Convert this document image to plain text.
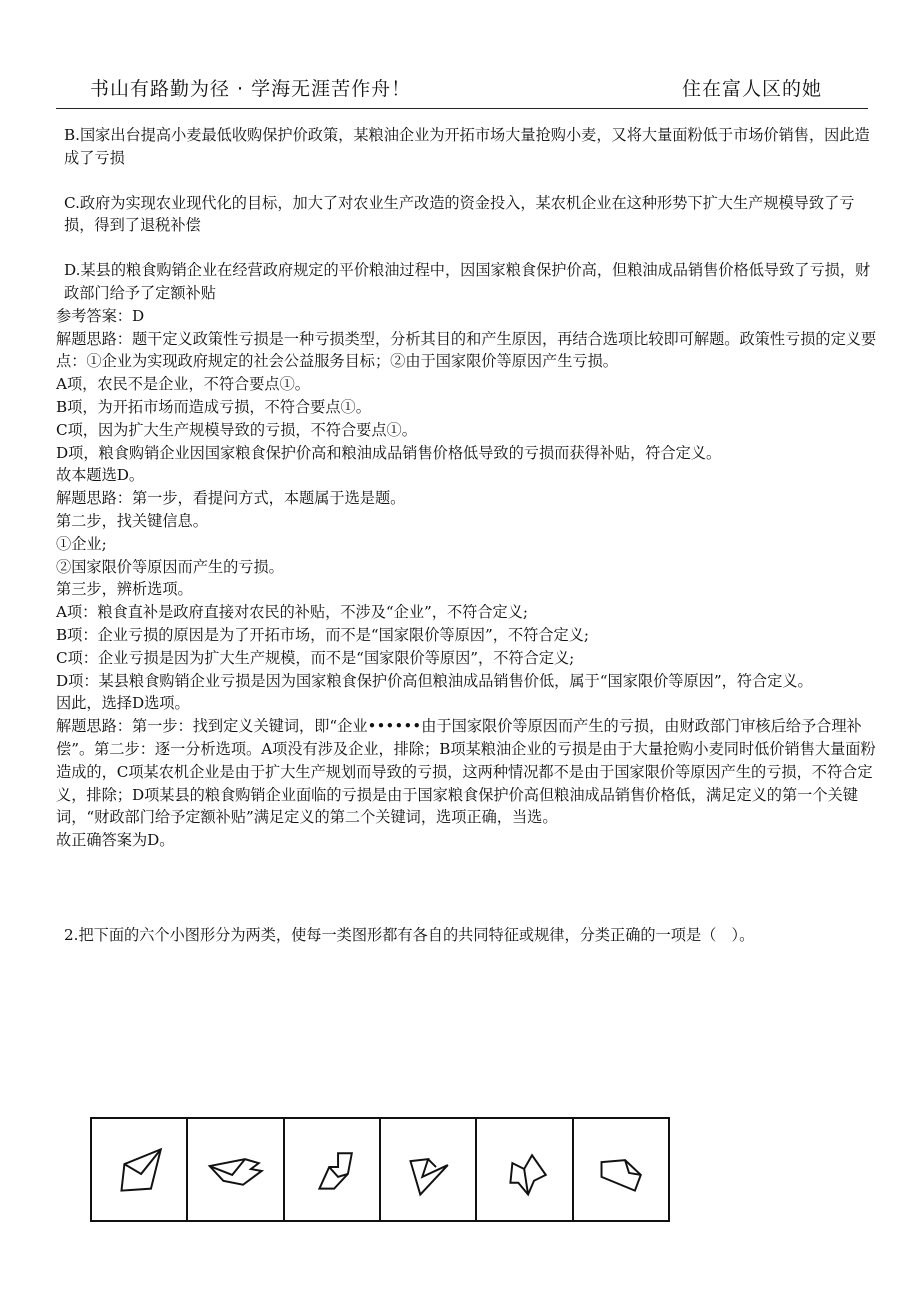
书山有路勤为径 · 学海无涯苦作舟！	住在富人区的她

B.国家出台提高小麦最低收购保护价政策，某粮油企业为开拓市场大量抢购小麦，又将大量面粉低于市场价销售，因此造成了亏损

C.政府为实现农业现代化的目标，加大了对农业生产改造的资金投入，某农机企业在这种形势下扩大生产规模导致了亏损，得到了退税补偿

D.某县的粮食购销企业在经营政府规定的平价粮油过程中，因国家粮食保护价高，但粮油成品销售价格低导致了亏损，财政部门给予了定额补贴

参考答案：D

解题思路：题干定义政策性亏损是一种亏损类型，分析其目的和产生原因，再结合选项比较即可解题。政策性亏损的定义要点：①企业为实现政府规定的社会公益服务目标；②由于国家限价等原因产生亏损。

A项，农民不是企业，不符合要点①。

B项，为开拓市场而造成亏损，不符合要点①。

C项，因为扩大生产规模导致的亏损，不符合要点①。

D项，粮食购销企业因国家粮食保护价高和粮油成品销售价格低导致的亏损而获得补贴，符合定义。

故本题选D。

解题思路：第一步，看提问方式，本题属于选是题。

第二步，找关键信息。

①企业;

②国家限价等原因而产生的亏损。

第三步，辨析选项。

A项：粮食直补是政府直接对农民的补贴，不涉及“企业”，不符合定义;

B项：企业亏损的原因是为了开拓市场，而不是“国家限价等原因”，不符合定义;

C项：企业亏损是因为扩大生产规模，而不是“国家限价等原因”，不符合定义;

D项：某县粮食购销企业亏损是因为国家粮食保护价高但粮油成品销售价低，属于“国家限价等原因”，符合定义。

因此，选择D选项。

解题思路：第一步：找到定义关键词，即“企业••••••由于国家限价等原因而产生的亏损，由财政部门审核后给予合理补偿”。第二步：逐一分析选项。A项没有涉及企业，排除；B项某粮油企业的亏损是由于大量抢购小麦同时低价销售大量面粉造成的，C项某农机企业是由于扩大生产规划而导致的亏损，这两种情况都不是由于国家限价等原因产生的亏损，不符合定义，排除；D项某县的粮食购销企业面临的亏损是由于国家粮食保护价高但粮油成品销售价格低，满足定义的第一个关键词，“财政部门给予定额补贴”满足定义的第二个关键词，选项正确，当选。

故正确答案为D。

2.把下面的六个小图形分为两类，使每一类图形都有各自的共同特征或规律，分类正确的一项是（　）。
